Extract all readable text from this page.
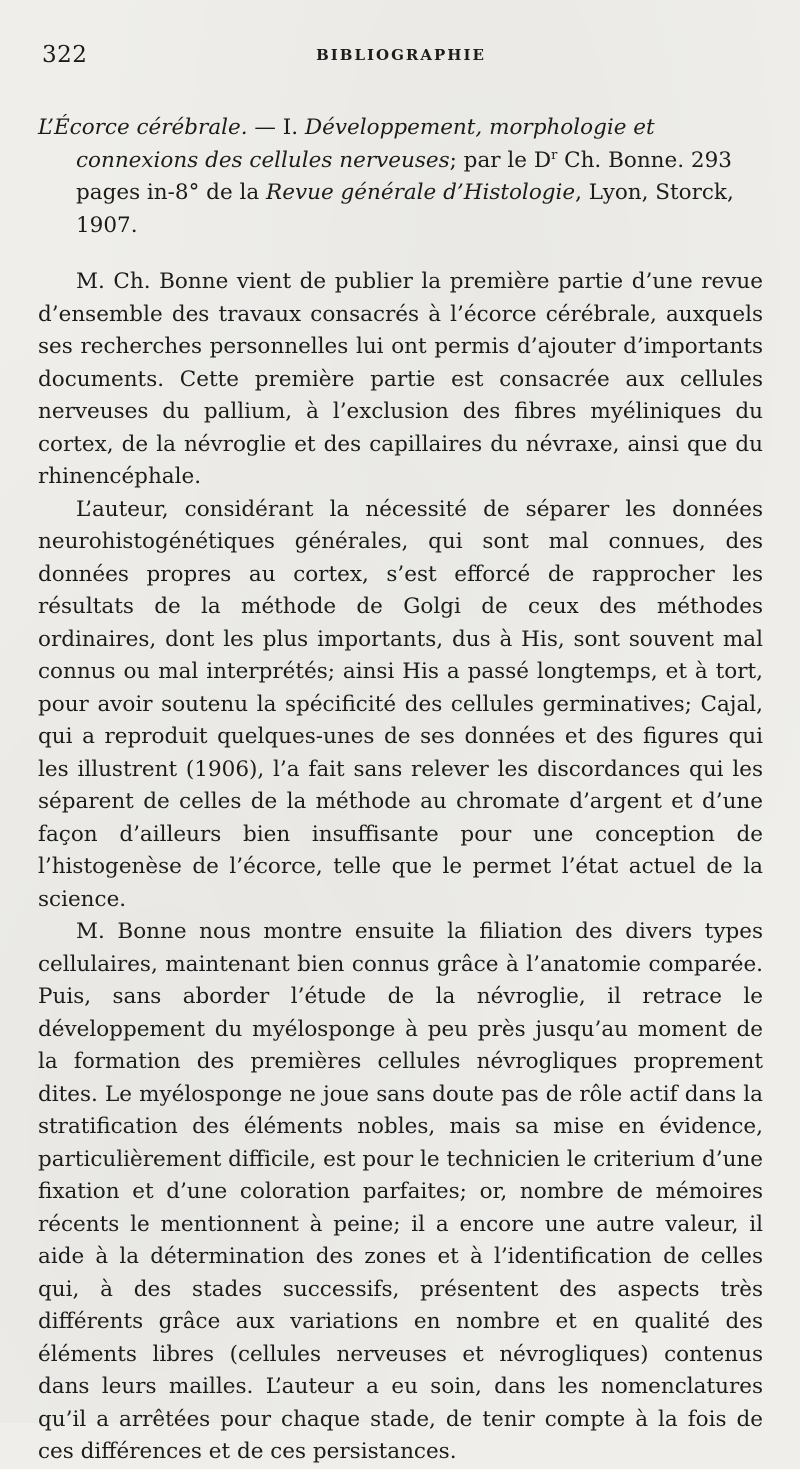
322	BIBLIOGRAPHIE

L’Écorce cérébrale. — I. Développement, morphologie et connexions des cellules nerveuses; par le $D^r$ Ch. Bonne. 293 pages in-8° de la Revue générale d’Histologie, Lyon, Storck, 1907.

M. Ch. Bonne vient de publier la première partie d’une revue d’ensemble des travaux consacrés à l’écorce cérébrale, auxquels ses recherches personnelles lui ont permis d’ajouter d’importants documents. Cette première partie est consacrée aux cellules nerveuses du pallium, à l’exclusion des fibres myéliniques du cortex, de la névroglie et des capillaires du névraxe, ainsi que du rhinencéphale.

L’auteur, considérant la nécessité de séparer les données neurohistogénétiques générales, qui sont mal connues, des données propres au cortex, s’est efforcé de rapprocher les résultats de la méthode de Golgi de ceux des méthodes ordinaires, dont les plus importants, dus à His, sont souvent mal connus ou mal interprétés; ainsi His a passé longtemps, et à tort, pour avoir soutenu la spécificité des cellules germinatives; Cajal, qui a reproduit quelques-unes de ses données et des figures qui les illustrent (1906), l’a fait sans relever les discordances qui les séparent de celles de la méthode au chromate d’argent et d’une façon d’ailleurs bien insuffisante pour une conception de l’histogenèse de l’écorce, telle que le permet l’état actuel de la science.

M. Bonne nous montre ensuite la filiation des divers types cellulaires, maintenant bien connus grâce à l’anatomie comparée. Puis, sans aborder l’étude de la névroglie, il retrace le développement du myélosponge à peu près jusqu’au moment de la formation des premières cellules névrogliques proprement dites. Le myélosponge ne joue sans doute pas de rôle actif dans la stratification des éléments nobles, mais sa mise en évidence, particulièrement difficile, est pour le technicien le criterium d’une fixation et d’une coloration parfaites; or, nombre de mémoires récents le mentionnent à peine; il a encore une autre valeur, il aide à la détermination des zones et à l’identification de celles qui, à des stades successifs, présentent des aspects très différents grâce aux variations en nombre et en qualité des éléments libres (cellules nerveuses et névrogliques) contenus dans leurs mailles. L’auteur a eu soin, dans les nomenclatures qu’il a arrêtées pour chaque stade, de tenir compte à la fois de ces différences et de ces persistances.
